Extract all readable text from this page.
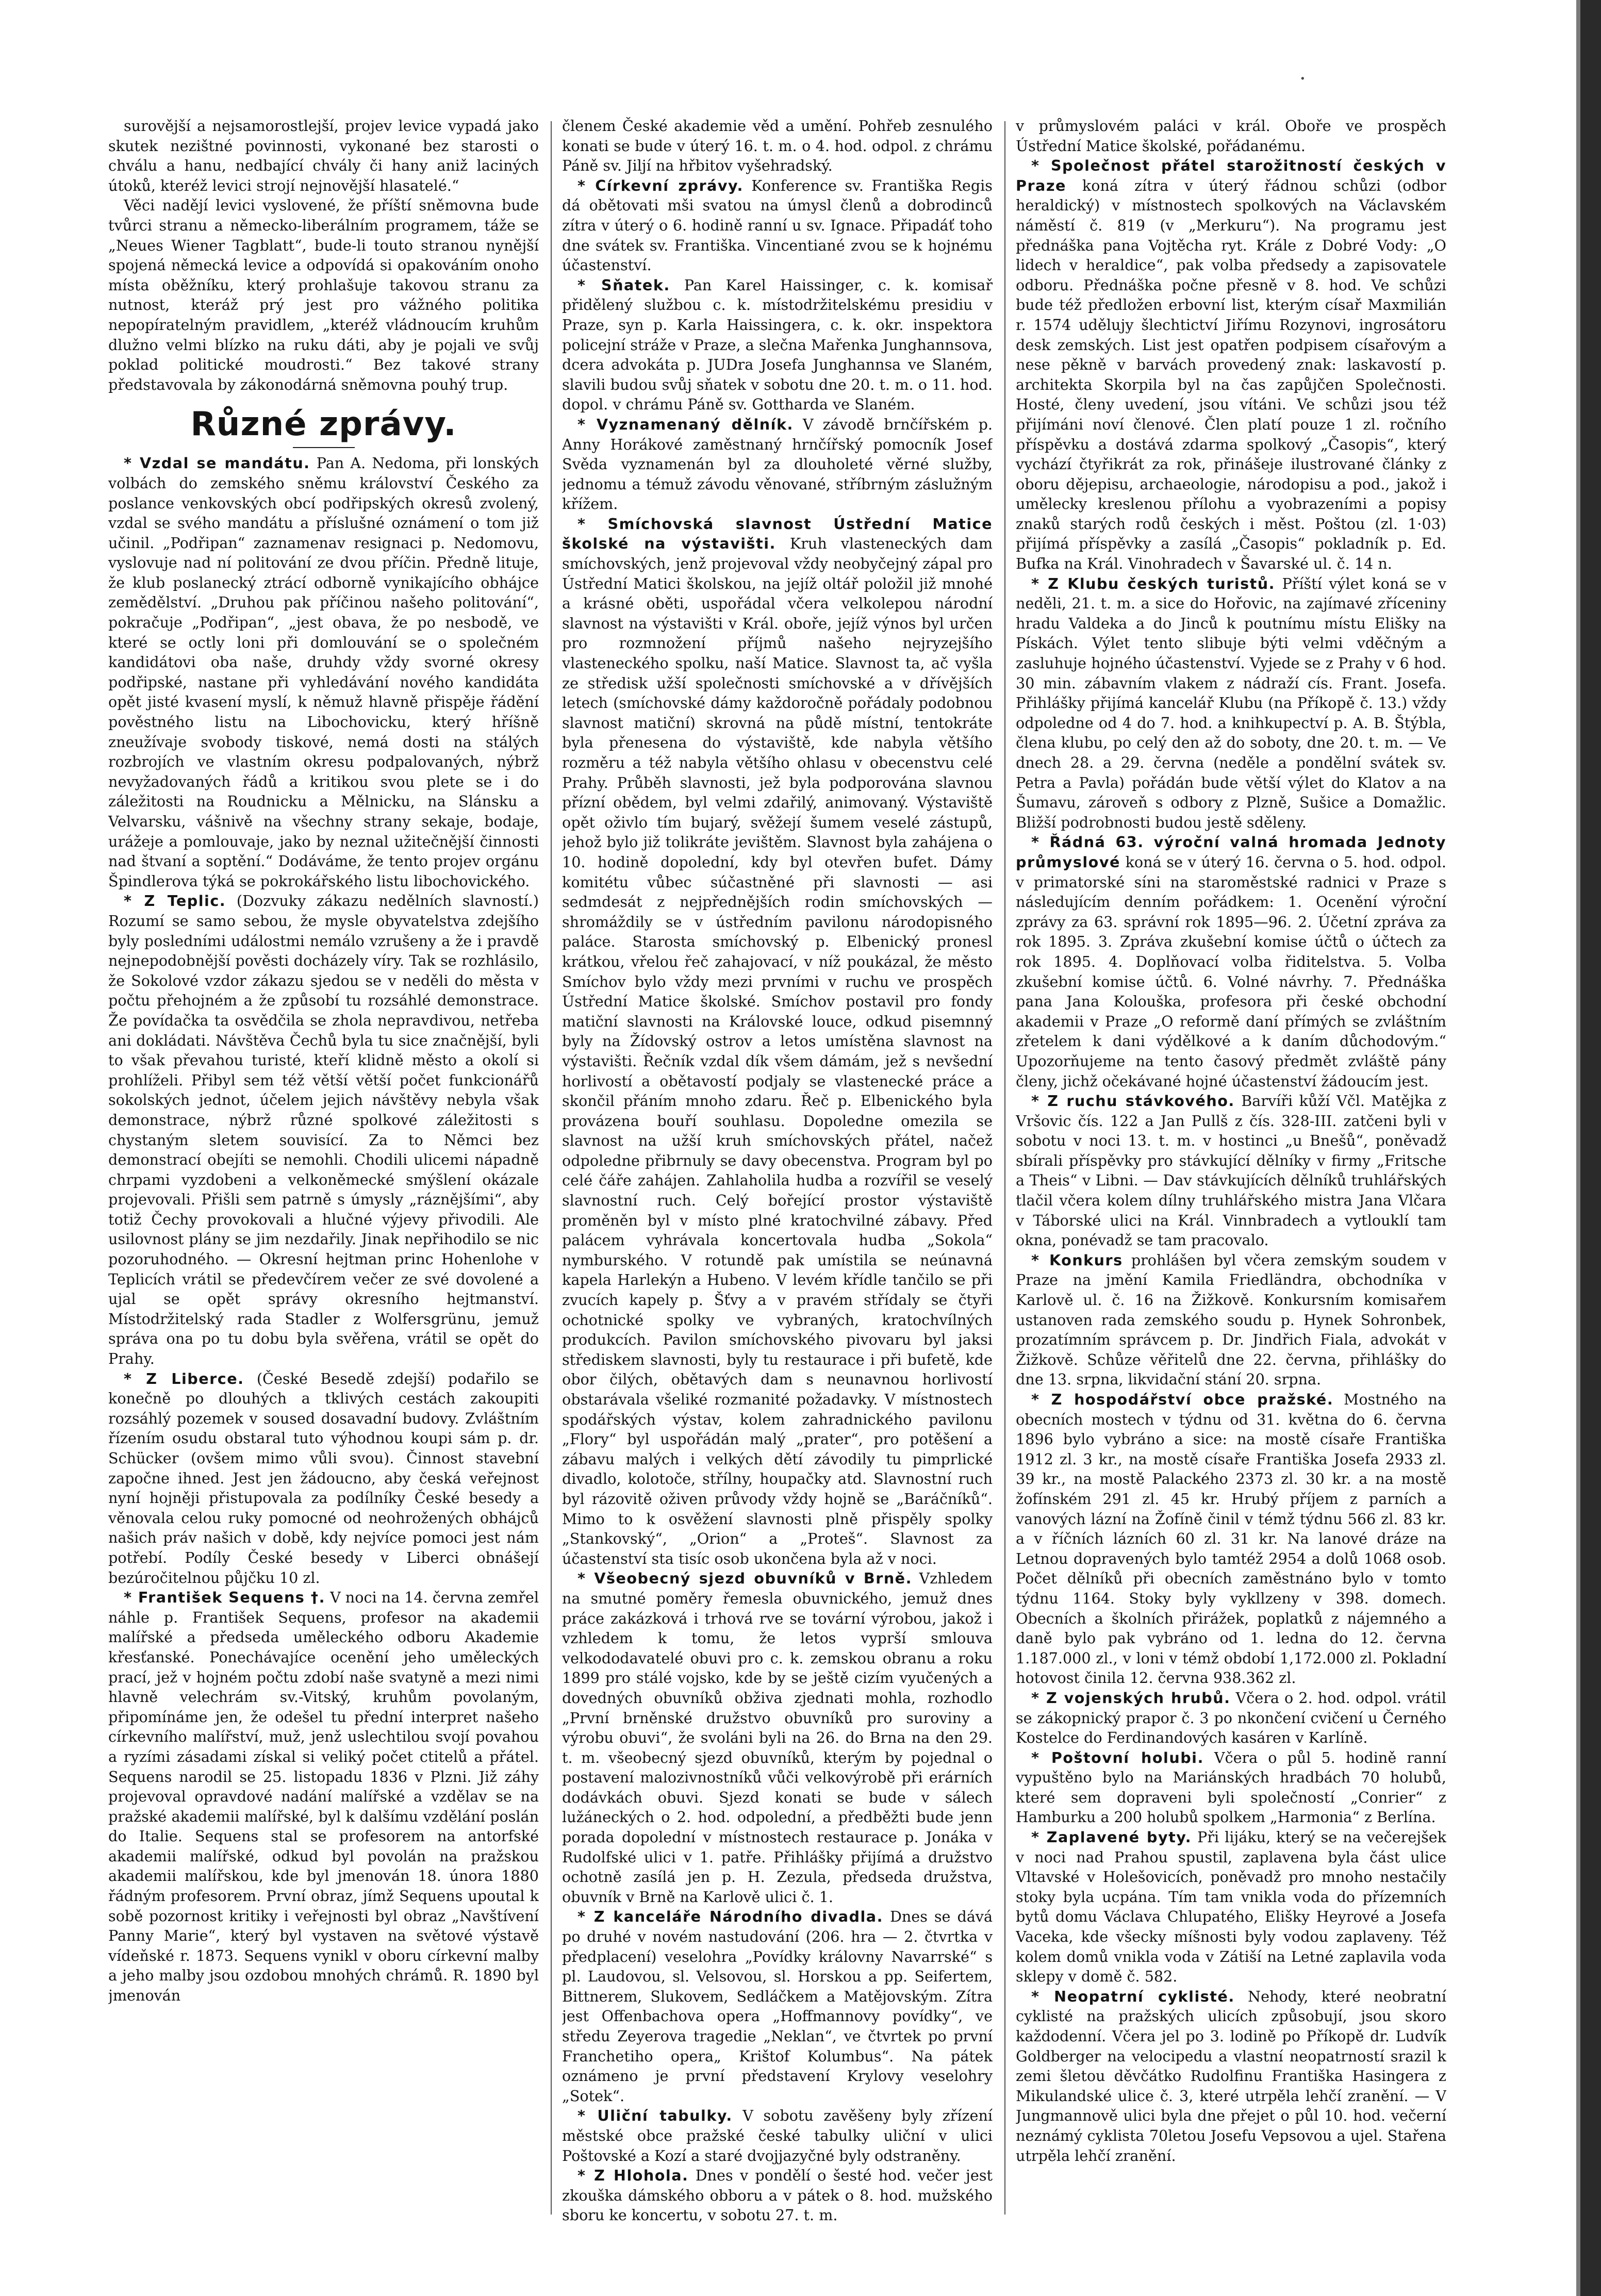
·

surovější a nejsamorostlejší, projev levice vypadá jako skutek nezištné povinnosti, vykonané bez starosti o chválu a hanu, nedbající chvály či hany aniž laciných útoků, kteréž levici strojí nejnovější hlasatelé.“

Věci nadějí levici vyslovené, že příští sněmovna bude tvůrci stranu a německo-liberálním programem, táže se „Neues Wiener Tagblatt“, bude-li touto stranou nynější spojená německá levice a odpovídá si opakováním onoho místa oběžníku, který prohlašuje takovou stranu za nutnost, kteráž prý jest pro vážného politika nepopíratelným pravidlem, „kteréž vládnoucím kruhům dlužno velmi blízko na ruku dáti, aby je pojali ve svůj poklad politické moudrosti.“ Bez takové strany představovala by zákonodárná sněmovna pouhý trup.

Různé zprávy.

* Vzdal se mandátu. Pan A. Nedoma, při lonských volbách do zemského sněmu království Českého za poslance venkovských obcí podřipských okresů zvolený, vzdal se svého mandátu a příslušné oznámení o tom již učinil. „Podřipan“ zaznamenav resignaci p. Nedomovu, vyslovuje nad ní politování ze dvou příčin. Předně lituje, že klub poslanecký ztrácí odborně vynikajícího obhájce zemědělství. „Druhou pak příčinou našeho politování“, pokračuje „Podřipan“, „jest obava, že po nesbodě, ve které se octly loni při domlouvání se o společném kandidátovi oba naše, druhdy vždy svorné okresy podřipské, nastane při vyhledávání nového kandidáta opět jisté kvasení myslí, k němuž hlavně přispěje řádění pověstného listu na Libochovicku, který hříšně zneužívaje svobody tiskové, nemá dosti na stálých rozbrojích ve vlastním okresu podpalovaných, nýbrž nevyžadovaných řádů a kritikou svou plete se i do záležitosti na Roudnicku a Mělnicku, na Slánsku a Velvarsku, vášnivě na všechny strany sekaje, bodaje, urážeje a pomlouvaje, jako by neznal užitečnější činnosti nad štvaní a soptění.“ Dodáváme, že tento projev orgánu Špindlerova týká se pokrokářského listu libochovického.

* Z Teplic. (Dozvuky zákazu nedělních slavností.) Rozumí se samo sebou, že mysle obyvatelstva zdejšího byly posledními událostmi nemálo vzrušeny a že i pravdě nejnepodobnější pověsti docházely víry. Tak se rozhlásilo, že Sokolové vzdor zákazu sjedou se v neděli do města v počtu přehojném a že způsobí tu rozsáhlé demonstrace. Že povídačka ta osvědčila se zhola nepravdivou, netřeba ani dokládati. Návštěva Čechů byla tu sice značnější, byli to však převahou turisté, kteří klidně město a okolí si prohlíželi. Přibyl sem též větší větší počet funkcionářů sokolských jednot, účelem jejich návštěvy nebyla však demonstrace, nýbrž různé spolkové záležitosti s chystaným sletem souvisící. Za to Němci bez demonstrací obejíti se nemohli. Chodili ulicemi nápadně chrpami vyzdobeni a velkoněmecké smýšlení okázale projevovali. Přišli sem patrně s úmysly „ráznějšími“, aby totiž Čechy provokovali a hlučné výjevy přivodili. Ale usilovnost plány se jim nezdařily. Jinak nepřihodilo se nic pozoruhodného. — Okresní hejtman princ Hohenlohe v Teplicích vrátil se předevčírem večer ze své dovolené a ujal se opět správy okresního hejtmanství. Místodržitelský rada Stadler z Wolfersgrünu, jemuž správa ona po tu dobu byla svěřena, vrátil se opět do Prahy.

* Z Liberce. (České Besedě zdejší) podařilo se konečně po dlouhých a tklivých cestách zakoupiti rozsáhlý pozemek v soused dosavadní budovy. Zvláštním řízením osudu obstaral tuto výhodnou koupi sám p. dr. Schücker (ovšem mimo vůli svou). Činnost stavební započne ihned. Jest jen žádoucno, aby česká veřejnost nyní hojněji přistupovala za podílníky České besedy a věnovala celou ruky pomocné od neohrožených obhájců našich práv našich v době, kdy nejvíce pomoci jest nám potřebí. Podíly České besedy v Liberci obnášejí bezúročitelnou půjčku 10 zl.

* František Sequens †. V noci na 14. června zemřel náhle p. František Sequens, profesor na akademii malířské a předseda uměleckého odboru Akademie křesťanské. Ponechávajíce ocenění jeho uměleckých prací, jež v hojném počtu zdobí naše svatyně a mezi nimi hlavně velechrám sv.-Vitský, kruhům povolaným, připomínáme jen, že odešel tu přední interpret našeho církevního malířství, muž, jenž uslechtilou svojí povahou a ryzími zásadami získal si veliký počet ctitelů a přátel. Sequens narodil se 25. listopadu 1836 v Plzni. Již záhy projevoval opravdové nadání malířské a vzdělav se na pražské akademii malířské, byl k dalšímu vzdělání poslán do Italie. Sequens stal se profesorem na antorfské akademii malířské, odkud byl povolán na pražskou akademii malířskou, kde byl jmenován 18. února 1880 řádným profesorem. První obraz, jímž Sequens upoutal k sobě pozornost kritiky i veřejnosti byl obraz „Navštívení Panny Marie“, který byl vystaven na světové výstavě vídeňské r. 1873. Sequens vynikl v oboru církevní malby a jeho malby jsou ozdobou mnohých chrámů. R. 1890 byl jmenován

členem České akademie věd a umění. Pohřeb zesnulého konati se bude v úterý 16. t. m. o 4. hod. odpol. z chrámu Páně sv. Jiljí na hřbitov vyšehradský.

* Církevní zprávy. Konference sv. Františka Regis dá obětovati mši svatou na úmysl členů a dobrodinců zítra v úterý o 6. hodině ranní u sv. Ignace. Připadáť toho dne svátek sv. Františka. Vincentiané zvou se k hojnému účastenství.

* Sňatek. Pan Karel Haissinger, c. k. komisař přidělený službou c. k. místodržitelskému presidiu v Praze, syn p. Karla Haissingera, c. k. okr. inspektora policejní stráže v Praze, a slečna Mařenka Junghannsova, dcera advokáta p. JUDra Josefa Junghannsa ve Slaném, slavili budou svůj sňatek v sobotu dne 20. t. m. o 11. hod. dopol. v chrámu Páně sv. Gottharda ve Slaném.

* Vyznamenaný dělník. V závodě brnčířském p. Anny Horákové zaměstnaný hrnčířský pomocník Josef Svěda vyznamenán byl za dlouholeté věrné služby, jednomu a témuž závodu věnované, stříbrným záslužným křížem.

* Smíchovská slavnost Ústřední Matice školské na výstavišti. Kruh vlasteneckých dam smíchovských, jenž projevoval vždy neobyčejný zápal pro Ústřední Matici školskou, na jejíž oltář položil již mnohé a krásné oběti, uspořádal včera velkolepou národní slavnost na výstavišti v Král. oboře, jejíž výnos byl určen pro rozmnožení příjmů našeho nejryzejšího vlasteneckého spolku, naší Matice. Slavnost ta, ač vyšla ze středisk užší společnosti smíchovské a v dřívějších letech (smíchovské dámy každoročně pořádaly podobnou slavnost matiční) skrovná na půdě místní, tentokráte byla přenesena do výstaviště, kde nabyla většího rozměru a též nabyla většího ohlasu v obecenstvu celé Prahy. Průběh slavnosti, jež byla podporována slavnou přízní obědem, byl velmi zdařilý, animovaný. Výstaviště opět oživlo tím bujarý, svěžejí šumem veselé zástupů, jehož bylo již tolikráte jevištěm. Slavnost byla zahájena o 10. hodině dopolední, kdy byl otevřen bufet. Dámy komitétu vůbec súčastněné při slavnosti — asi sedmdesát z nejpřednějších rodin smíchovských — shromáždily se v ústředním pavilonu národopisného paláce. Starosta smíchovský p. Elbenický pronesl krátkou, vřelou řeč zahajovací, v níž poukázal, že město Smíchov bylo vždy mezi prvními v ruchu ve prospěch Ústřední Matice školské. Smíchov postavil pro fondy matiční slavnosti na Královské louce, odkud pisemnný byly na Žídovský ostrov a letos umístěna slavnost na výstavišti. Řečník vzdal dík všem dámám, jež s nevšední horlivostí a obětavostí podjaly se vlastenecké práce a skončil přáním mnoho zdaru. Řeč p. Elbenického byla provázena bouří souhlasu. Dopoledne omezila se slavnost na užší kruh smíchovských přátel, načež odpoledne přibrnuly se davy obecenstva. Program byl po celé čáře zahájen. Zahlaholila hudba a rozvířil se veselý slavnostní ruch. Celý bořející prostor výstaviště proměněn byl v místo plné kratochvilné zábavy. Před palácem vyhrávala koncertovala hudba „Sokola“ nymburského. V rotundě pak umístila se neúnavná kapela Harlekýn a Hubeno. V levém křídle tančilo se při zvucích kapely p. Šťvy a v pravém střídaly se čtyři ochotnické spolky ve vybraných, kratochvílných produkcích. Pavilon smíchovského pivovaru byl jaksi střediskem slavnosti, byly tu restaurace i při bufetě, kde obor čilých, obětavých dam s neunavnou horlivostí obstarávala všeliké rozmanité požadavky. V místnostech spodářských výstav, kolem zahradnického pavilonu „Flory“ byl uspořádán malý „prater“, pro potěšení a zábavu malých i velkých dětí závodily tu pimprlické divadlo, kolotoče, střílny, houpačky atd. Slavnostní ruch byl rázovitě oživen průvody vždy hojně se „Baráčníků“. Mimo to k osvěžení slavnosti plně přispěly spolky „Stankovský“, „Orion“ a „Proteš“. Slavnost za účastenství sta tisíc osob ukončena byla až v noci.

* Všeobecný sjezd obuvníků v Brně. Vzhledem na smutné poměry řemesla obuvnického, jemuž dnes práce zakázková i trhová rve se tovární výrobou, jakož i vzhledem k tomu, že letos vyprší smlouva velkododavatelé obuvi pro c. k. zemskou obranu a roku 1899 pro stálé vojsko, kde by se ještě cizím vyučených a dovedných obuvníků obživa zjednati mohla, rozhodlo „První brněnské družstvo obuvníků pro suroviny a výrobu obuvi“, že svoláni byli na 26. do Brna na den 29. t. m. všeobecný sjezd obuvníků, kterým by pojednal o postavení malozivnostníků vůči velkovýrobě při erárních dodávkách obuvi. Sjezd konati se bude v sálech lužáneckých o 2. hod. odpolední, a předběžti bude jenn porada dopolední v místnostech restaurace p. Jonáka v Rudolfské ulici v 1. patře. Přihlášky přijímá a družstvo ochotně zasílá jen p. H. Zezula, předseda družstva, obuvník v Brně na Karlově ulici č. 1.

* Z kanceláře Národního divadla. Dnes se dává po druhé v novém nastudování (206. hra — 2. čtvrtka v předplacení) veselohra „Povídky královny Navarrské“ s pl. Laudovou, sl. Velsovou, sl. Horskou a pp. Seifertem, Bittnerem, Slukovem, Sedláčkem a Matějovským. Zítra jest Offenbachova opera „Hoffmannovy povídky“, ve středu Zeyerova tragedie „Neklan“, ve čtvrtek po první Franchetiho opera„ Krištof Kolumbus“. Na pátek oznámeno je první představení Krylovy veselohry „Sotek“.

* Uliční tabulky. V sobotu zavěšeny byly zřízení městské obce pražské české tabulky uliční v ulici Poštovské a Kozí a staré dvojjazyčné byly odstraněny.

* Z Hlohola. Dnes v pondělí o šesté hod. večer jest zkouška dámského obboru a v pátek o 8. hod. mužského sboru ke koncertu, v sobotu 27. t. m.

v průmyslovém paláci v král. Oboře ve prospěch Ústřední Matice školské, pořádanému.

* Společnost přátel starožitností českých v Praze koná zítra v úterý řádnou schůzi (odbor heraldický) v místnostech spolkových na Václavském náměstí č. 819 (v „Merkuru“). Na programu jest přednáška pana Vojtěcha ryt. Krále z Dobré Vody: „O lidech v heraldice“, pak volba předsedy a zapisovatele odboru. Přednáška počne přesně v 8. hod. Ve schůzi bude též předložen erbovní list, kterým císař Maxmilián r. 1574 udělujy šlechtictví Jiřímu Rozynovi, ingrosátoru desk zemských. List jest opatřen podpisem císařovým a nese pěkně v barvách provedený znak: laskavostí p. architekta Skorpila byl na čas zapůjčen Společnosti. Hosté, členy uvedení, jsou vítáni. Ve schůzi jsou též přijímáni noví členové. Člen platí pouze 1 zl. ročního příspěvku a dostává zdarma spolkový „Časopis“, který vychází čtyřikrát za rok, přinášeje ilustrované články z oboru dějepisu, archaeologie, národopisu a pod., jakož i umělecky kreslenou přílohu a vyobrazeními a popisy znaků starých rodů českých i měst. Poštou (zl. 1·03) přijímá příspěvky a zasílá „Časopis“ pokladník p. Ed. Bufka na Král. Vinohradech v Šavarské ul. č. 14 n.

* Z Klubu českých turistů. Příští výlet koná se v neděli, 21. t. m. a sice do Hořovic, na zajímavé zříceniny hradu Valdeka a do Jinců k poutnímu místu Elišky na Pískách. Výlet tento slibuje býti velmi vděčným a zasluhuje hojného účastenství. Vyjede se z Prahy v 6 hod. 30 min. zábavním vlakem z nádraží cís. Frant. Josefa. Přihlášky přijímá kancelář Klubu (na Příkopě č. 13.) vždy odpoledne od 4 do 7. hod. a knihkupectví p. A. B. Štýbla, člena klubu, po celý den až do soboty, dne 20. t. m. — Ve dnech 28. a 29. června (neděle a pondělní svátek sv. Petra a Pavla) pořádán bude větší výlet do Klatov a na Šumavu, zároveň s odbory z Plzně, Sušice a Domažlic. Bližší podrobnosti budou jestě sděleny.

* Řádná 63. výroční valná hromada Jednoty průmyslové koná se v úterý 16. června o 5. hod. odpol. v primatorské síni na staroměstské radnici v Praze s následujícím denním pořádkem: 1. Ocenění výroční zprávy za 63. správní rok 1895—96. 2. Účetní zpráva za rok 1895. 3. Zpráva zkušební komise účtů o účtech za rok 1895. 4. Doplňovací volba řiditelstva. 5. Volba zkušební komise účtů. 6. Volné návrhy. 7. Přednáška pana Jana Kolouška, profesora při české obchodní akademii v Praze „O reformě daní přímých se zvláštním zřetelem k dani výdělkové a k daním důchodovým.“ Upozorňujeme na tento časový předmět zvláště pány členy, jichž očekávané hojné účastenství žádoucím jest.

* Z ruchu stávkového. Barvíři kůží Včl. Matějka z Vršovic čís. 122 a Jan Pullš z čís. 328-III. zatčeni byli v sobotu v noci 13. t. m. v hostinci „u Bnešů“, poněvadž sbírali příspěvky pro stávkující dělníky v firmy „Fritsche a Theis“ v Libni. — Dav stávkujících dělníků truhlářských tlačil včera kolem dílny truhlářského mistra Jana Vlčara v Táborské ulici na Král. Vinnbradech a vytlouklí tam okna, ponévadž se tam pracovalo.

* Konkurs prohlášen byl včera zemským soudem v Praze na jmění Kamila Friedländra, obchodníka v Karlově ul. č. 16 na Žižkově. Konkursním komisařem ustanoven rada zemského soudu p. Hynek Sohronbek, prozatímním správcem p. Dr. Jindřich Fiala, advokát v Žižkově. Schůze věřitelů dne 22. června, přihlášky do dne 13. srpna, likvidační stání 20. srpna.

* Z hospodářství obce pražské. Mostného na obecních mostech v týdnu od 31. května do 6. června 1896 bylo vybráno a sice: na mostě císaře Františka 1912 zl. 3 kr., na mostě císaře Františka Josefa 2933 zl. 39 kr., na mostě Palackého 2373 zl. 30 kr. a na mostě žofínském 291 zl. 45 kr. Hrubý příjem z parních a vanových lázní na Žofíně činil v témž týdnu 566 zl. 83 kr. a v říčních lázních 60 zl. 31 kr. Na lanové dráze na Letnou dopravených bylo tamtéž 2954 a dolů 1068 osob. Počet dělníků při obecních zaměstnáno bylo v tomto týdnu 1164. Stoky byly vykllzeny v 398. domech. Obecních a školních přirážek, poplatků z nájemného a daně bylo pak vybráno od 1. ledna do 12. června 1.187.000 zl., v loni v témž období 1,172.000 zl. Pokladní hotovost činila 12. června 938.362 zl.

* Z vojenských hrubů. Včera o 2. hod. odpol. vrátil se zákopnický prapor č. 3 po nkončení cvičení u Černého Kostelce do Ferdinandových kasáren v Karlíně.

* Poštovní holubi. Včera o půl 5. hodině ranní vypuštěno bylo na Mariánských hradbách 70 holubů, které sem dopraveni byli společností „Conrier“ z Hamburku a 200 holubů spolkem „Harmonia“ z Berlína.

* Zaplavené byty. Při lijáku, který se na večerejšek v noci nad Prahou spustil, zaplavena byla část ulice Vltavské v Holešovicích, poněvadž pro mnoho nestačily stoky byla ucpána. Tím tam vnikla voda do přízemních bytů domu Václava Chlupatého, Elišky Heyrové a Josefa Vaceka, kde všecky míšnosti byly vodou zaplaveny. Též kolem domů vnikla voda v Zátiší na Letné zaplavila voda sklepy v domě č. 582.

* Neopatrní cyklisté. Nehody, které neobratní cyklisté na pražských ulicích způsobují, jsou skoro každodenní. Včera jel po 3. lodině po Příkopě dr. Ludvík Goldberger na velocipedu a vlastní neopatrností srazil k zemi šletou děvčátko Rudolfinu Františka Hasingera z Mikulandské ulice č. 3, které utrpěla lehčí zranění. — V Jungmannově ulici byla dne přejet o půl 10. hod. večerní neznámý cyklista 70letou Josefu Vepsovou a ujel. Stařena utrpěla lehčí zranění.
